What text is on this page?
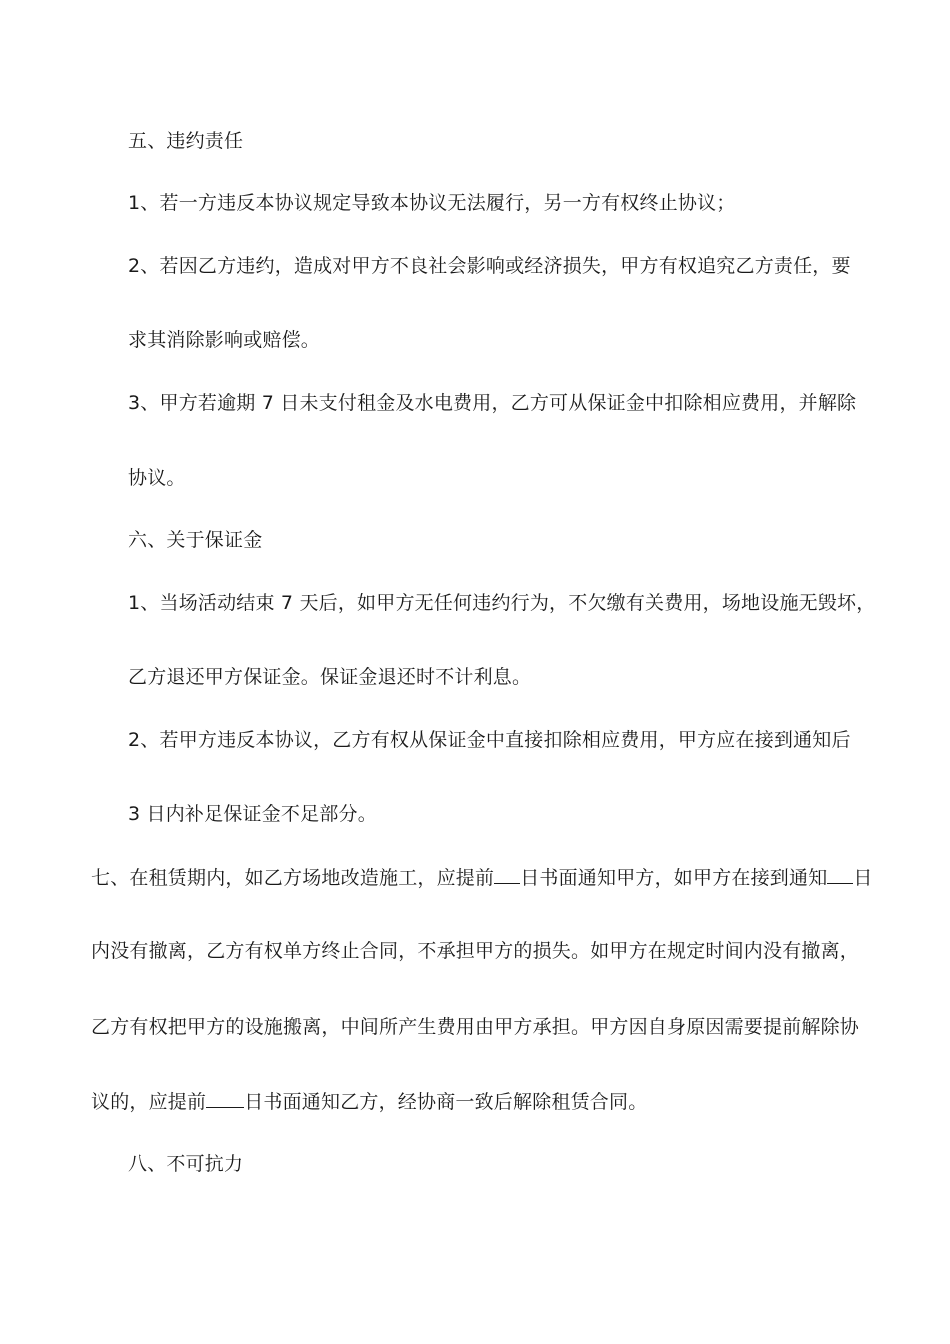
五、违约责任
1、若一方违反本协议规定导致本协议无法履行，另一方有权终止协议；
2、若因乙方违约，造成对甲方不良社会影响或经济损失，甲方有权追究乙方责任，要
求其消除影响或赔偿。
3、甲方若逾期 7 日未支付租金及水电费用，乙方可从保证金中扣除相应费用，并解除
协议。
六、关于保证金
1、当场活动结束 7 天后，如甲方无任何违约行为，不欠缴有关费用，场地设施无毁坏，
乙方退还甲方保证金。保证金退还时不计利息。
2、若甲方违反本协议，乙方有权从保证金中直接扣除相应费用，甲方应在接到通知后
3 日内补足保证金不足部分。
七、在租赁期内，如乙方场地改造施工，应提前 日书面通知甲方，如甲方在接到通知 日
内没有撤离，乙方有权单方终止合同，不承担甲方的损失。如甲方在规定时间内没有撤离，
乙方有权把甲方的设施搬离，中间所产生费用由甲方承担。甲方因自身原因需要提前解除协
议的，应提前 日书面通知乙方，经协商一致后解除租赁合同。
八、不可抗力
